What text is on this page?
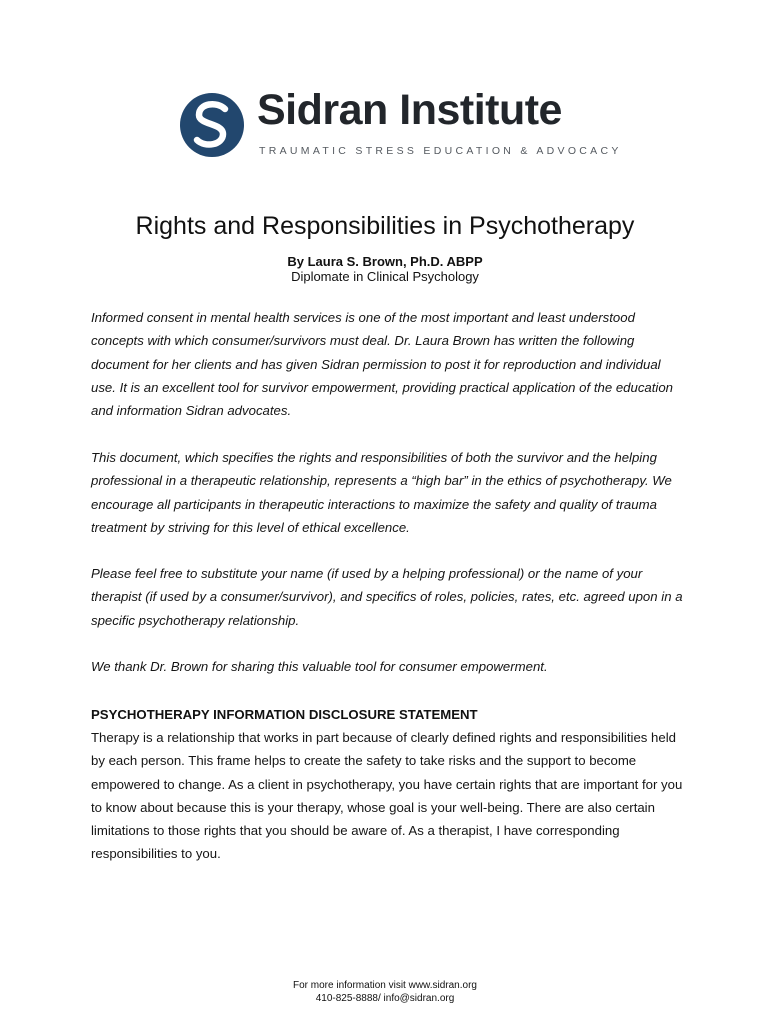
Sidran Institute
TRAUMATIC STRESS EDUCATION & ADVOCACY
Rights and Responsibilities in Psychotherapy
By Laura S. Brown, Ph.D. ABPP
Diplomate in Clinical Psychology

Informed consent in mental health services is one of the most important and least understood concepts with which consumer/survivors must deal. Dr. Laura Brown has written the following document for her clients and has given Sidran permission to post it for reproduction and individual use. It is an excellent tool for survivor empowerment, providing practical application of the education and information Sidran advocates.

This document, which specifies the rights and responsibilities of both the survivor and the helping professional in a therapeutic relationship, represents a “high bar” in the ethics of psychotherapy. We encourage all participants in therapeutic interactions to maximize the safety and quality of trauma treatment by striving for this level of ethical excellence.

Please feel free to substitute your name (if used by a helping professional) or the name of your therapist (if used by a consumer/survivor), and specifics of roles, policies, rates, etc. agreed upon in a specific psychotherapy relationship.

We thank Dr. Brown for sharing this valuable tool for consumer empowerment.

PSYCHOTHERAPY INFORMATION DISCLOSURE STATEMENT

Therapy is a relationship that works in part because of clearly defined rights and responsibilities held by each person. This frame helps to create the safety to take risks and the support to become empowered to change. As a client in psychotherapy, you have certain rights that are important for you to know about because this is your therapy, whose goal is your well-being. There are also certain limitations to those rights that you should be aware of. As a therapist, I have corresponding responsibilities to you.

For more information visit www.sidran.org
410-825-8888/ info@sidran.org
